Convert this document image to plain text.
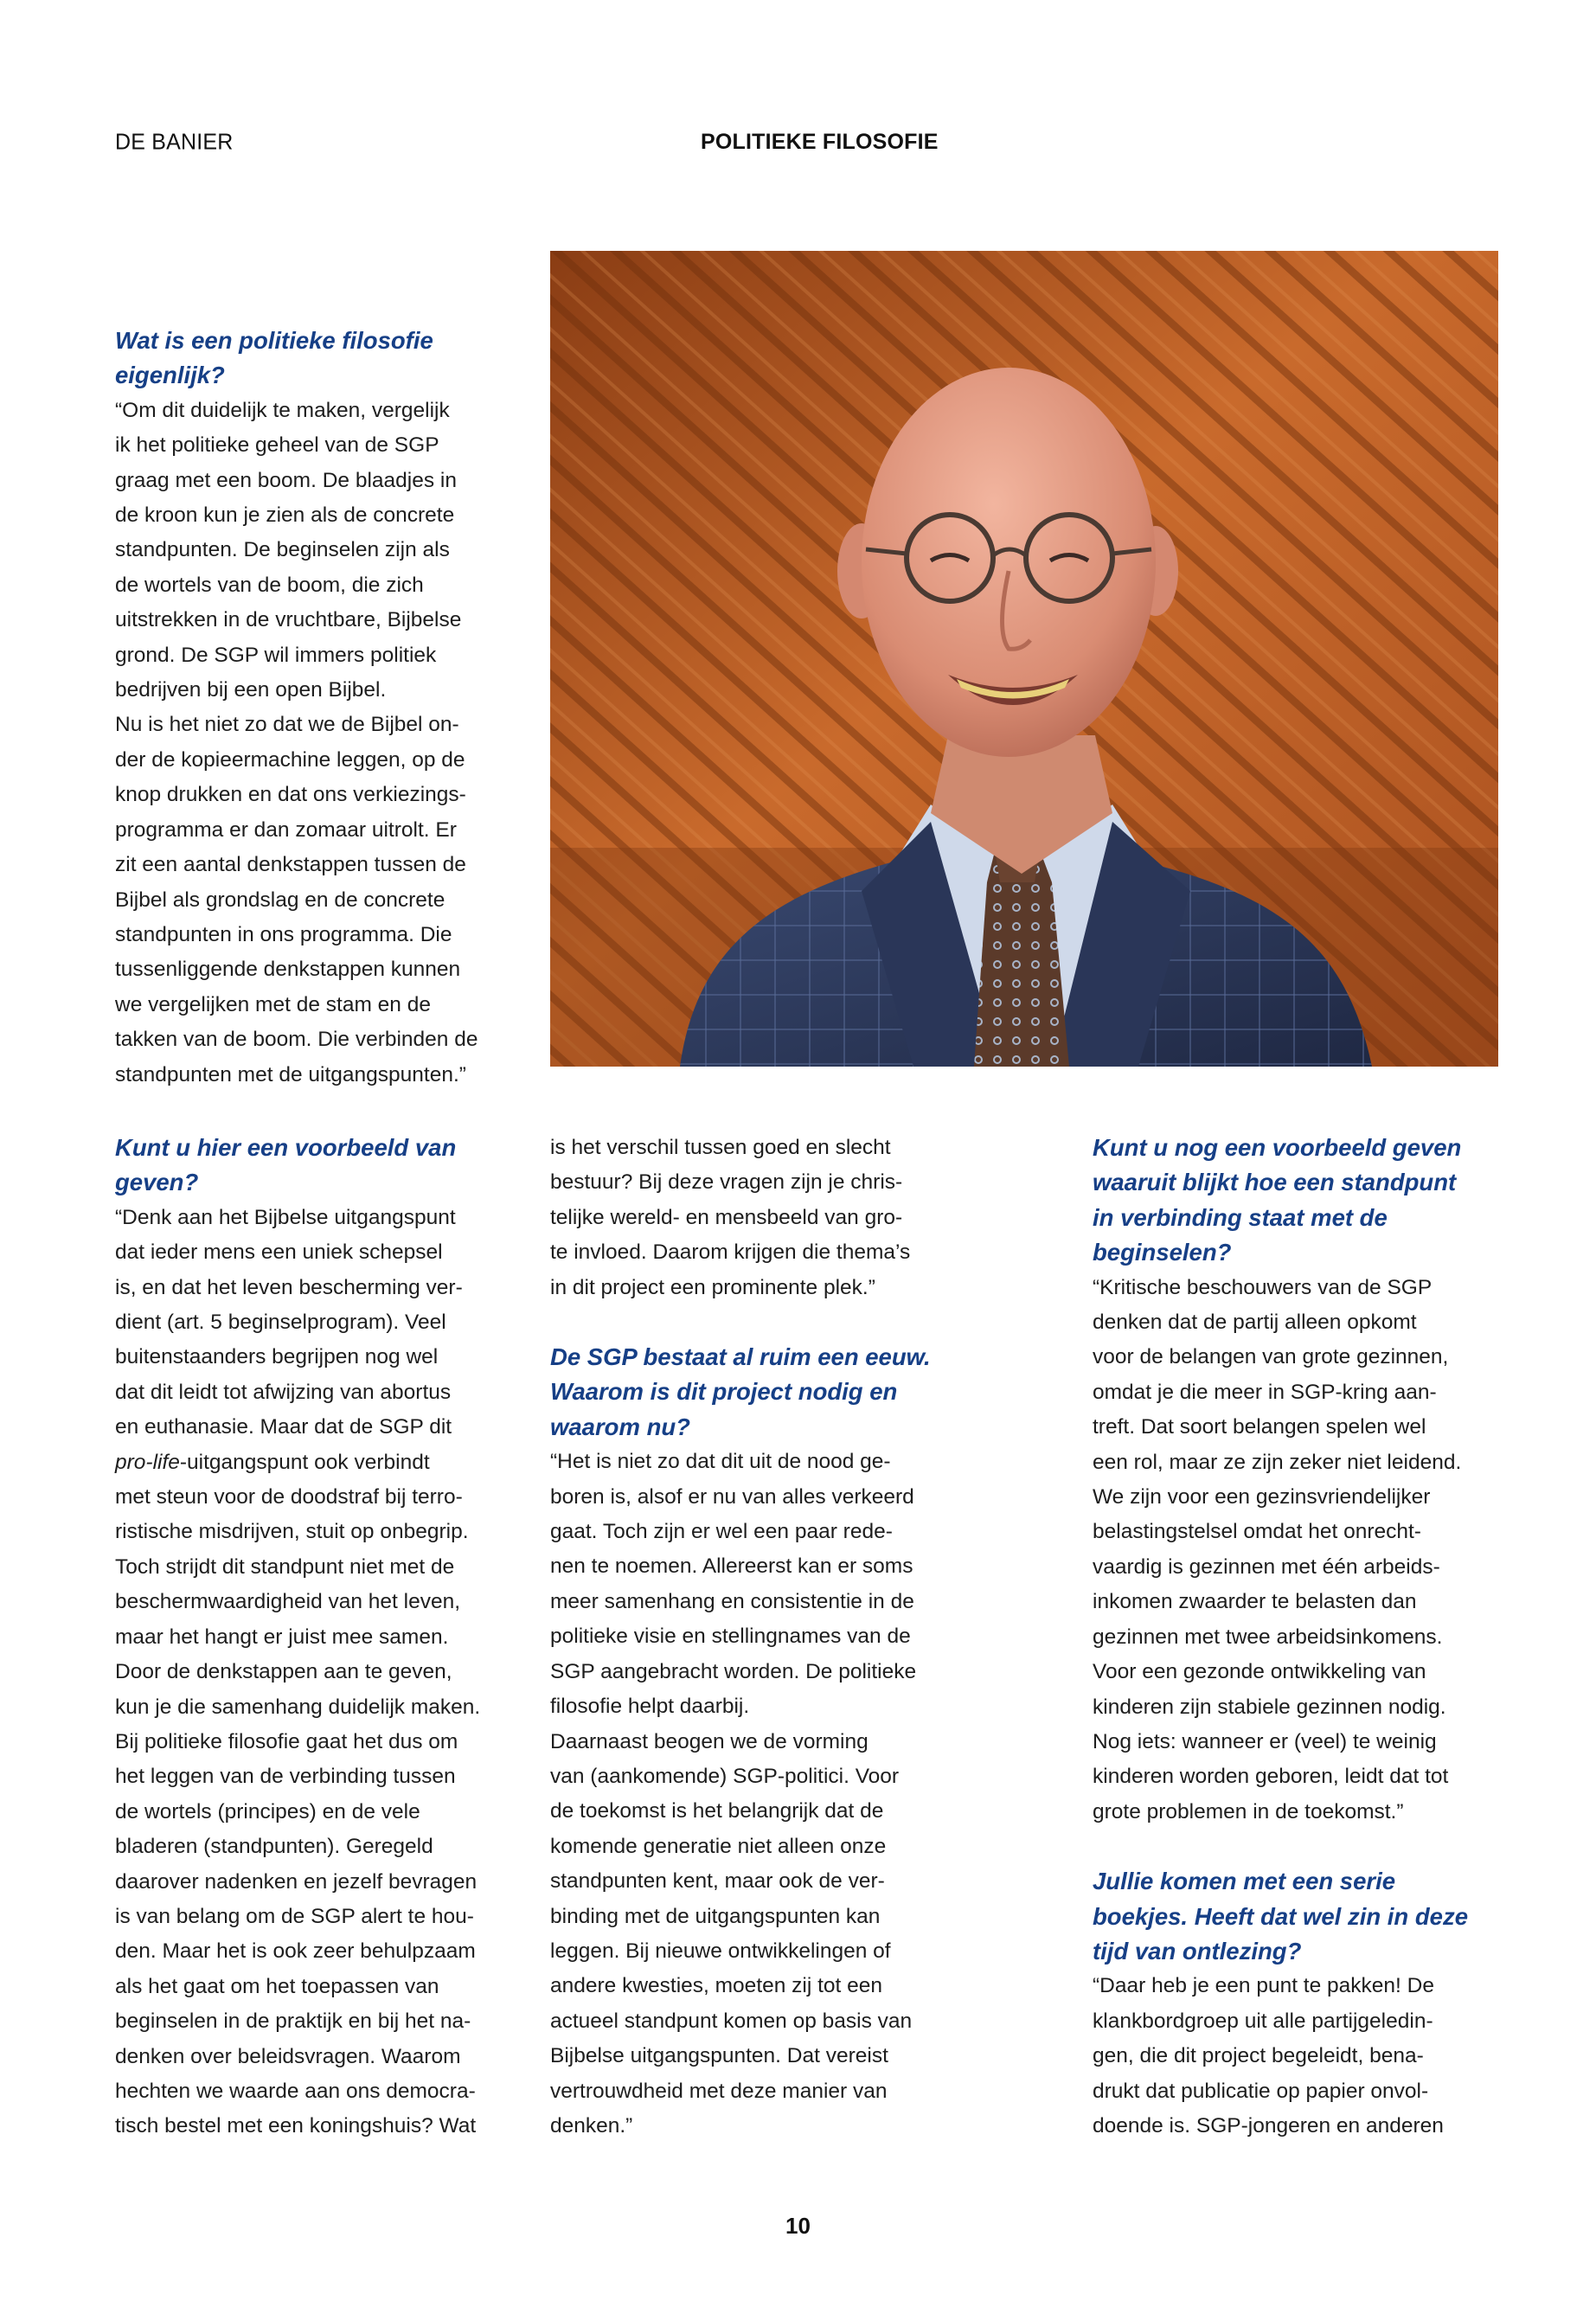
DE BANIER	POLITIEKE FILOSOFIE
Wat is een politieke filosofie
eigenlijk?

“Om dit duidelijk te maken, vergelijk
ik het politieke geheel van de SGP
graag met een boom. De blaadjes in
de kroon kun je zien als de concrete
standpunten. De beginselen zijn als
de wortels van de boom, die zich
uitstrekken in de vruchtbare, Bijbelse
grond. De SGP wil immers politiek
bedrijven bij een open Bijbel.
Nu is het niet zo dat we de Bijbel on-
der de kopieermachine leggen, op de
knop drukken en dat ons verkiezings-
programma er dan zomaar uitrolt. Er
zit een aantal denkstappen tussen de
Bijbel als grondslag en de concrete
standpunten in ons programma. Die
tussenliggende denkstappen kunnen
we vergelijken met de stam en de
takken van de boom. Die verbinden de
standpunten met de uitgangspunten.”

Kunt u hier een voorbeeld van
geven?

“Denk aan het Bijbelse uitgangspunt
dat ieder mens een uniek schepsel
is, en dat het leven bescherming ver-
dient (art. 5 beginselprogram). Veel
buitenstaanders begrijpen nog wel
dat dit leidt tot afwijzing van abortus
en euthanasie. Maar dat de SGP dit

pro-life-uitgangspunt ook verbindt

met steun voor de doodstraf bij terro-
ristische misdrijven, stuit op onbegrip.
Toch strijdt dit standpunt niet met de
beschermwaardigheid van het leven,
maar het hangt er juist mee samen.
Door de denkstappen aan te geven,
kun je die samenhang duidelijk maken.
Bij politieke filosofie gaat het dus om
het leggen van de verbinding tussen
de wortels (principes) en de vele
bladeren (standpunten). Geregeld
daarover nadenken en jezelf bevragen
is van belang om de SGP alert te hou-
den. Maar het is ook zeer behulpzaam
als het gaat om het toepassen van
beginselen in de praktijk en bij het na-
denken over beleidsvragen. Waarom
hechten we waarde aan ons democra-
tisch bestel met een koningshuis? Wat

is het verschil tussen goed en slecht
bestuur? Bij deze vragen zijn je chris-
telijke wereld- en mensbeeld van gro-
te invloed. Daarom krijgen die thema’s
in dit project een prominente plek.”

De SGP bestaat al ruim een eeuw.
Waarom is dit project nodig en
waarom nu?

“Het is niet zo dat dit uit de nood ge-
boren is, alsof er nu van alles verkeerd
gaat. Toch zijn er wel een paar rede-
nen te noemen. Allereerst kan er soms
meer samenhang en consistentie in de
politieke visie en stellingnames van de
SGP aangebracht worden. De politieke
filosofie helpt daarbij.
Daarnaast beogen we de vorming
van (aankomende) SGP-politici. Voor
de toekomst is het belangrijk dat de
komende generatie niet alleen onze
standpunten kent, maar ook de ver-
binding met de uitgangspunten kan
leggen. Bij nieuwe ontwikkelingen of
andere kwesties, moeten zij tot een
actueel standpunt komen op basis van
Bijbelse uitgangspunten. Dat vereist
vertrouwdheid met deze manier van
denken.”

Kunt u nog een voorbeeld geven
waaruit blijkt hoe een standpunt
in verbinding staat met de
beginselen?

“Kritische beschouwers van de SGP
denken dat de partij alleen opkomt
voor de belangen van grote gezinnen,
omdat je die meer in SGP-kring aan-
treft. Dat soort belangen spelen wel
een rol, maar ze zijn zeker niet leidend.
We zijn voor een gezinsvriendelijker
belastingstelsel omdat het onrecht-
vaardig is gezinnen met één arbeids-
inkomen zwaarder te belasten dan
gezinnen met twee arbeidsinkomens.
Voor een gezonde ontwikkeling van
kinderen zijn stabiele gezinnen nodig.
Nog iets: wanneer er (veel) te weinig
kinderen worden geboren, leidt dat tot
grote problemen in de toekomst.”

Jullie komen met een serie
boekjes. Heeft dat wel zin in deze
tijd van ontlezing?

“Daar heb je een punt te pakken! De
klankbordgroep uit alle partijgeledin-
gen, die dit project begeleidt, bena-
drukt dat publicatie op papier onvol-
doende is. SGP-jongeren en anderen

10
